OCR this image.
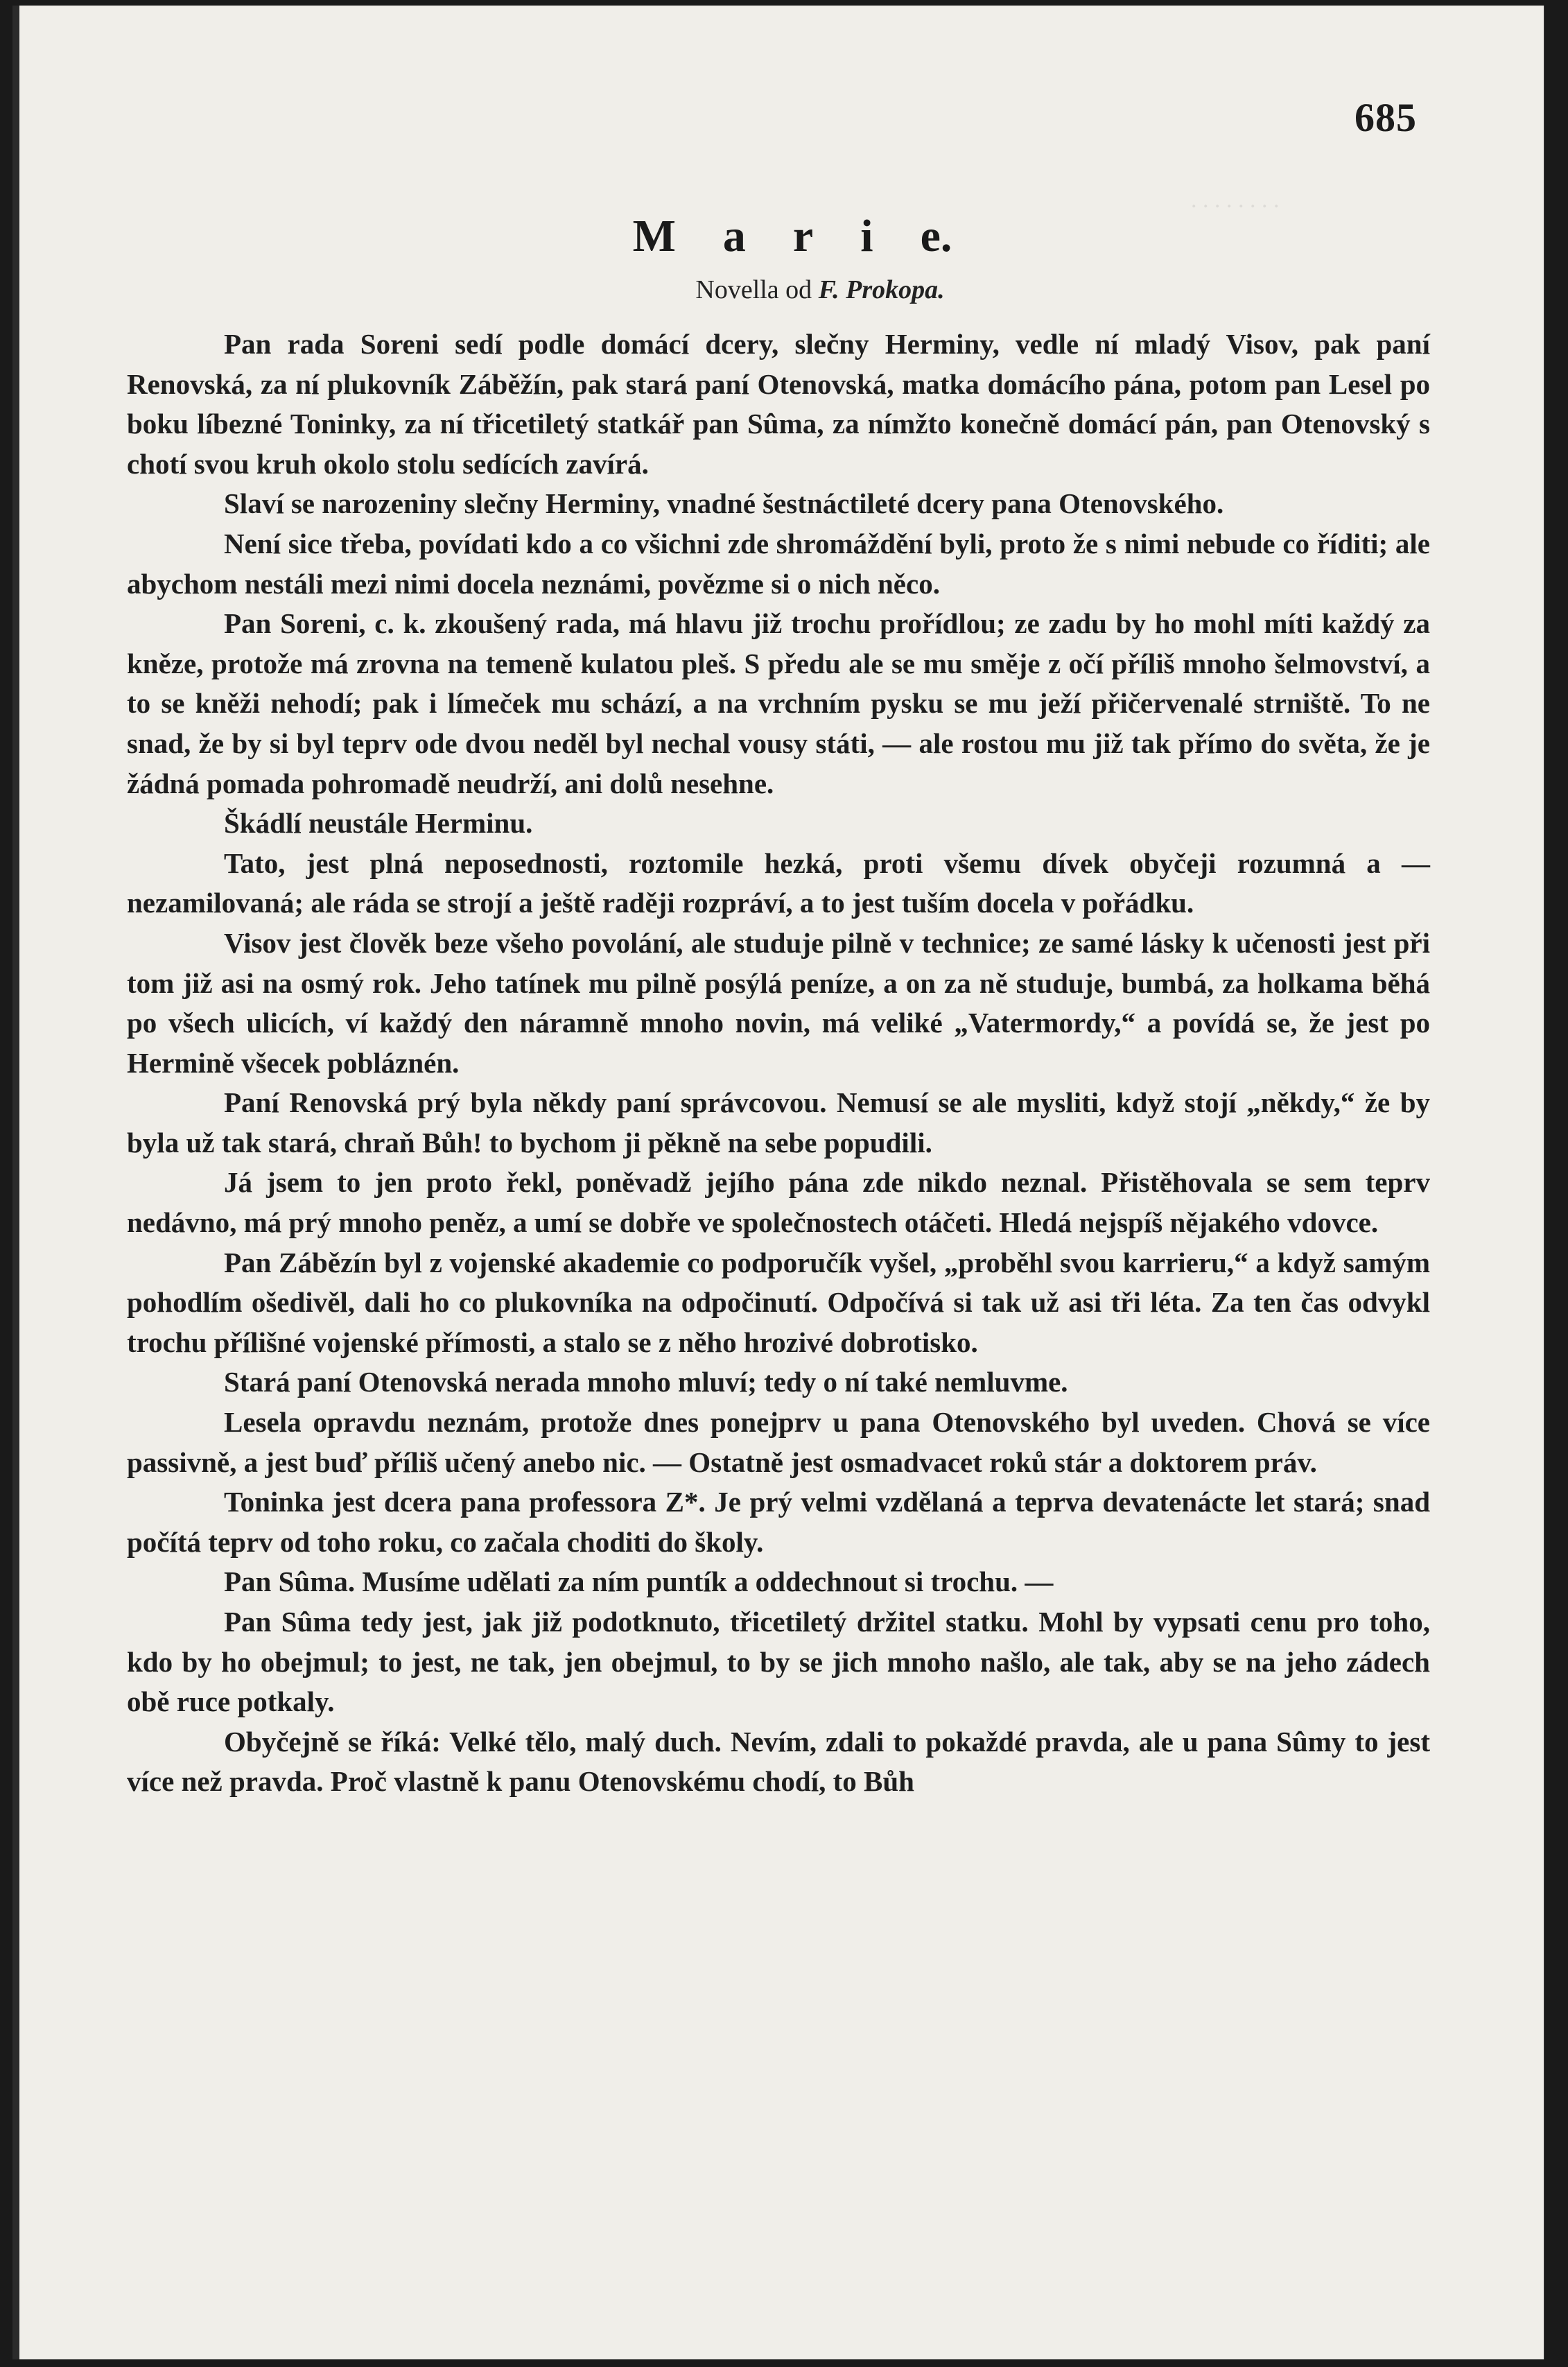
. . . . . . . .
685
M a r i e.
Novella od F. Prokopa.

Pan rada Soreni sedí podle domácí dcery, slečny Herminy, vedle ní mladý Visov, pak paní Renovská, za ní plukovník Záběžín, pak stará paní Otenovská, matka domácího pána, potom pan Lesel po boku líbezné Toninky, za ní třicetiletý statkář pan Sûma, za nímžto konečně domácí pán, pan Otenovský s chotí svou kruh okolo stolu sedících zavírá.

Slaví se narozeniny slečny Herminy, vnadné šestnáctileté dcery pana Otenovského.

Není sice třeba, povídati kdo a co všichni zde shromáždění byli, proto že s nimi nebude co říditi; ale abychom nestáli mezi nimi docela neznámi, povězme si o nich něco.

Pan Soreni, c. k. zkoušený rada, má hlavu již trochu prořídlou; ze zadu by ho mohl míti každý za kněze, protože má zrovna na temeně kulatou pleš. S předu ale se mu směje z očí příliš mnoho šelmovství, a to se kněži nehodí; pak i límeček mu schází, a na vrchním pysku se mu ježí přičervenalé strniště. To ne snad, že by si byl teprv ode dvou neděl byl nechal vousy státi, — ale rostou mu již tak přímo do světa, že je žádná pomada pohromadě neudrží, ani dolů nesehne.

Škádlí neustále Herminu.

Tato, jest plná neposednosti, roztomile hezká, proti všemu dívek obyčeji rozumná a — nezamilovaná; ale ráda se strojí a ještě raději rozpráví, a to jest tuším docela v pořádku.

Visov jest člověk beze všeho povolání, ale studuje pilně v technice; ze samé lásky k učenosti jest při tom již asi na osmý rok. Jeho tatínek mu pilně posýlá peníze, a on za ně studuje, bumbá, za holkama běhá po všech ulicích, ví každý den náramně mnoho novin, má veliké „Vatermordy,“ a povídá se, že jest po Hermině všecek pobláznén.

Paní Renovská prý byla někdy paní správcovou. Nemusí se ale mysliti, když stojí „někdy,“ že by byla už tak stará, chraň Bůh! to bychom ji pěkně na sebe popudili.

Já jsem to jen proto řekl, poněvadž jejího pána zde nikdo neznal. Přistěhovala se sem teprv nedávno, má prý mnoho peněz, a umí se dobře ve společnostech otáčeti. Hledá nejspíš nějakého vdovce.

Pan Zábězín byl z vojenské akademie co podporučík vyšel, „proběhl svou karrieru,“ a když samým pohodlím ošedivěl, dali ho co plukovníka na odpočinutí. Odpočívá si tak už asi tři léta. Za ten čas odvykl trochu přílišné vojenské přímosti, a stalo se z něho hrozivé dobrotisko.

Stará paní Otenovská nerada mnoho mluví; tedy o ní také nemluvme.

Lesela opravdu neznám, protože dnes ponejprv u pana Otenovského byl uveden. Chová se více passivně, a jest buď příliš učený anebo nic. — Ostatně jest osmadvacet roků stár a doktorem práv.

Toninka jest dcera pana professora Z*. Je prý velmi vzdělaná a teprva devatenácte let stará; snad počítá teprv od toho roku, co začala choditi do školy.

Pan Sûma. Musíme udělati za ním puntík a oddechnout si trochu. —

Pan Sûma tedy jest, jak již podotknuto, třicetiletý držitel statku. Mohl by vypsati cenu pro toho, kdo by ho obejmul; to jest, ne tak, jen obejmul, to by se jich mnoho našlo, ale tak, aby se na jeho zádech obě ruce potkaly.

Obyčejně se říká: Velké tělo, malý duch. Nevím, zdali to pokaždé pravda, ale u pana Sûmy to jest více než pravda. Proč vlastně k panu Otenovskému chodí, to Bůh
